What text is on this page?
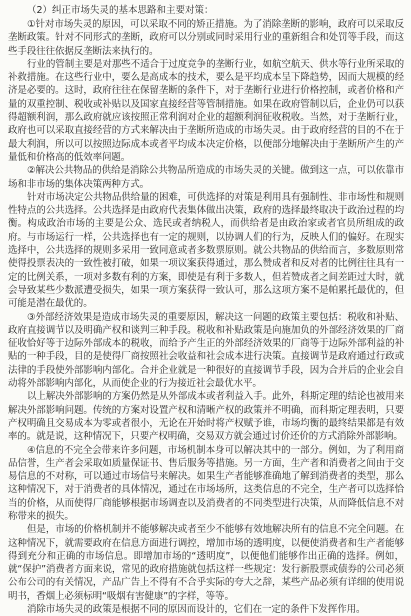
（2）纠正市场失灵的基本思路和主要对策：

①针对市场失灵的原因，可以采取不同的矫正措施。为了消除垄断的影响，政府可以采取反垄断政策。针对不同形式的垄断，政府可以分别或同时采用行业的重新组合和处罚等手段，而这些手段往往依据反垄断法来执行的。

行业的管制主要是对那些不适合于过度竞争的垄断行业，如航空航天、供水等行业所采取的补救措施。在这些行业中，要么是高成本的技术，要么是平均成本呈下降趋势，因而大规模的经济是必要的。这时，政府往往在保留垄断的条件下，对于垄断行业进行价格控制，或者价格和产量的双重控制、税收或补贴以及国家直接经营等管制措施。如果在政府管制以后，企业仍可以获得超额利润，那么政府就应该按照正常利润对企业的超额利润征收税收。当然，对于垄断行业，政府也可以采取直接经营的方式来解决由于垄断所造成的市场失灵。由于政府经营的目的不在于最大利润，所以可以按照边际成本或者平均成本决定价格，以便部分地解决由于垄断所产生的产量低和价格高的低效率问题。

②解决公共物品的供给是消除公共物品所造成的市场失灵的关键。做到这一点，可以依靠市场和非市场的集体决策两种方式。

针对市场决定公共物品供给量的困难，可供选择的对策是利用具有强制性、非市场性和规则性特点的公共选择。公共选择是由政府代表集体做出决策，政府的选择最终取决于政治过程的均衡。构成政治市场的主要是公众、选民或者纳税人，而供给者是由政治家或者官员所组成的政府。与市场运行一样，公共选择也有一定的规则，以协调人们的行为，反映人们的偏好。在现实选择中，公共选择的规则多采用一致同意或者多数票原则。就公共物品的供给而言，多数原则常使得投票表决的一致性被打破，如果一项议案获得通过，那么赞成者和反对者的比例往往具有一定的比例关系，一项对多数有利的方案，即使是有利于多数人，但若赞成者之间差距过大时，就会导致某些少数派遭受损失，如果一项方案获得一致认可，那么这项方案不是帕累托最优的，但可能是潜在最优的。

③外部经济效果是造成市场失灵的重要原因，解决这一问题的政策主要包括：税收和补贴、政府直接调节以及明确产权和谈判三种手段。税收和补贴政策是向施加负的外部经济效果的厂商征收恰好等于边际外部成本的税收，而给予产生正的外部经济效果的厂商等于边际外部利益的补贴的一种手段，目的是使得厂商按照社会收益和社会成本进行决策。直接调节是政府通过行政或法律的手段使外部影响内部化。合并企业就是一种很好的直接调节手段，因为合并后的企业会自动将外部影响内部化，从而使企业的行为接近社会最优水平。

以上解决外部影响的方案仍然是从外部成本或者利益入手。此外，科斯定理的结论也被用来解决外部影响问题。传统的方案对设置产权和清晰产权的政策并不明确，而科斯定理表明，只要产权明确且交易成本为零或者很小，无论在开始时将产权赋予谁，市场均衡的最终结果都是有效率的。就是说，这种情况下，只要产权明确，交易双方就会通过讨价还价的方式消除外部影响。

④信息的不完全会带来许多问题，市场机制本身可以解决其中的一部分。例如，为了利用商品信誉，生产者会采取如质量保证书、售后服务等措施。另一方面，生产者和消费者之间由于交易信息的不对称，可以通过市场信号来解决。如果生产者能够准确地了解到消费者的类型，那么这种情况下，对于消费者的具体情况，通过在市场场所，这类信息的不完全，生产者可以选择恰当的价格，从而使得厂商能够根据市场调查以及消费者的不同类型进行决策，从而降低信息不对称带来的损失。

但是，市场的价格机制并不能够解决或者至少不能够有效地解决所有的信息不完全问题。在这种情况下，就需要政府在信息方面进行调控，增加市场的透明度，以便使消费者和生产者能够得到充分和正确的市场信息。即增加市场的“透明度”，以便他们能够作出正确的选择。例如，就“保护”消费者方面来说，常见的政府措施就包括这样一些规定：发行新股票或债券的公司必须公布公司的有关情况，产品广告上不得有不合乎实际的夸大之辞，某些产品必须有详细的使用说明书，香烟上必须标明“吸烟有害健康”的字样，等等。

消除市场失灵的政策是根据不同的原因而设计的，它们在一定的条件下发挥作用。
